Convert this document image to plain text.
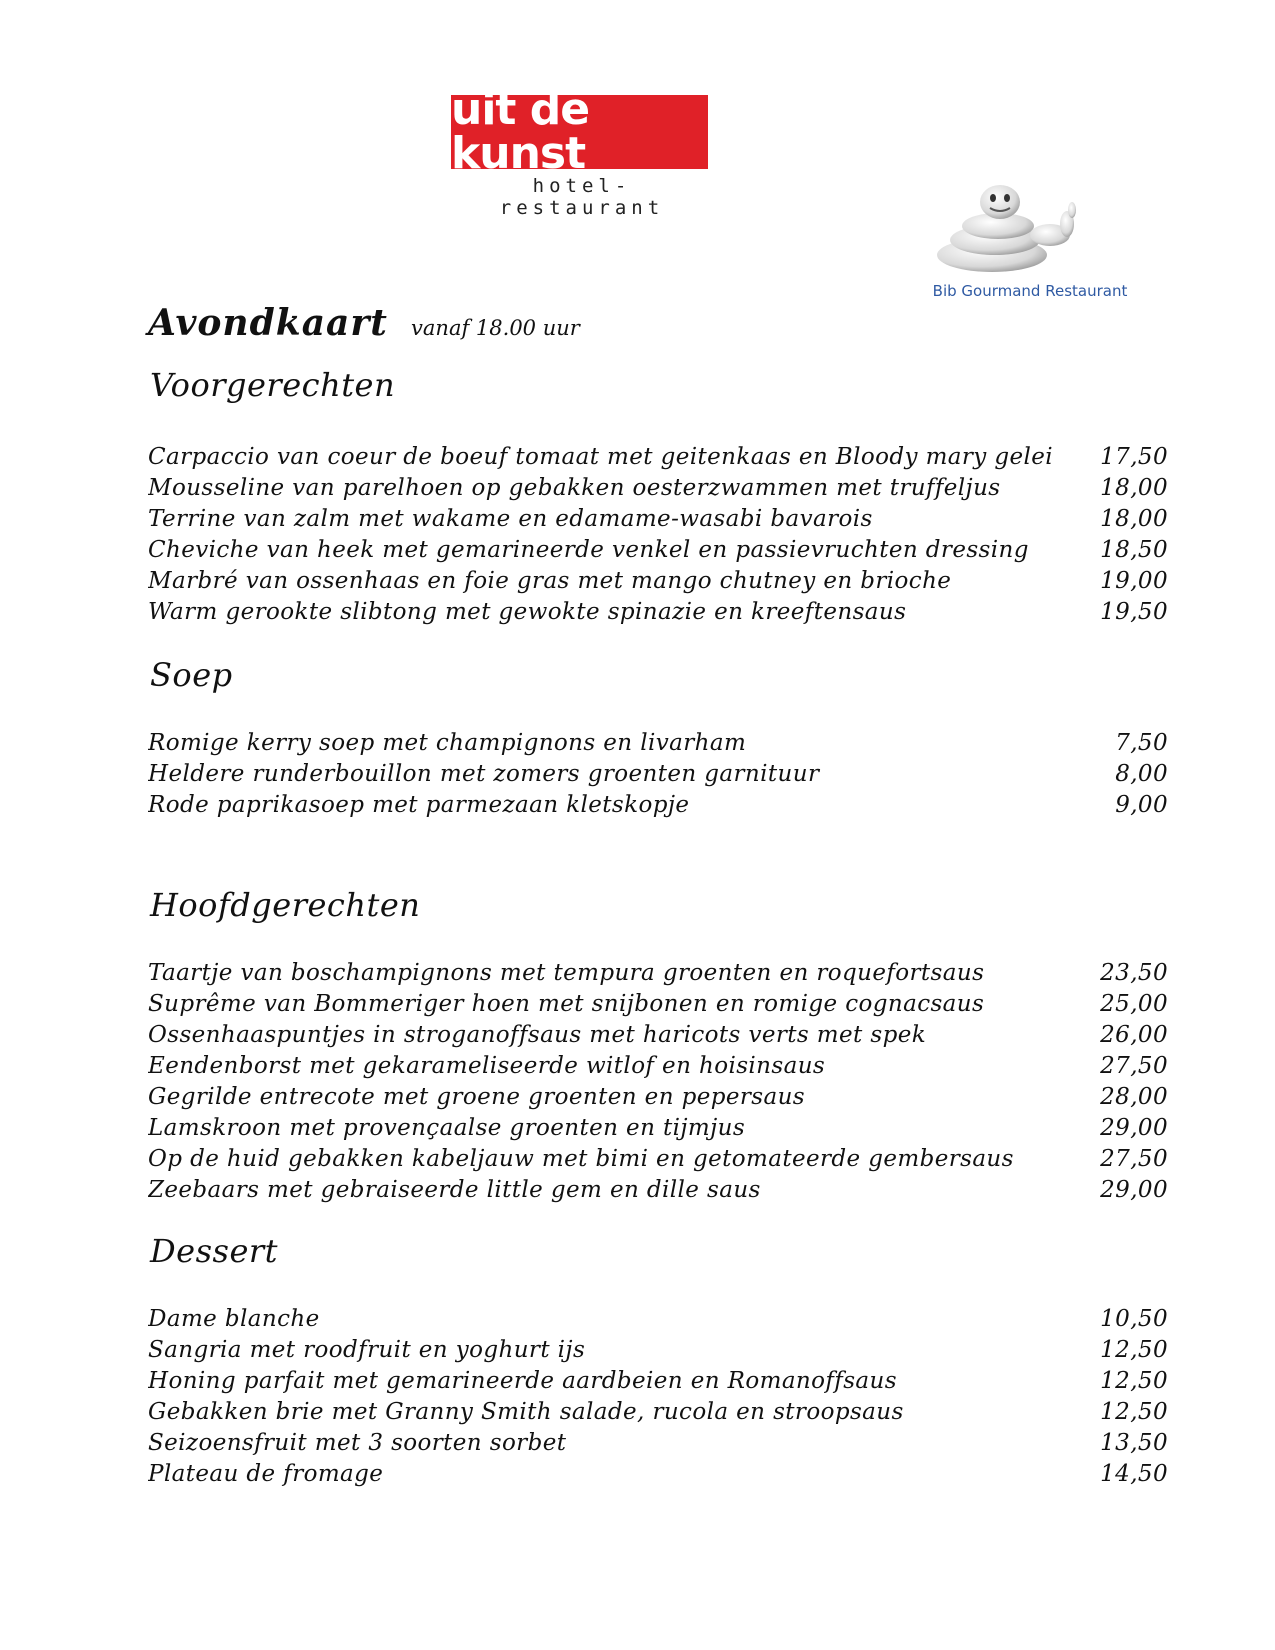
uit de kunst
hotel-restaurant
Bib Gourmand Restaurant
Avondkaart vanaf 18.00 uur
Voorgerechten
Carpaccio van coeur de boeuf tomaat met geitenkaas en Bloody mary gelei	17,50
Mousseline van parelhoen op gebakken oesterzwammen met truffeljus	18,00
Terrine van zalm met wakame en edamame-wasabi bavarois	18,00
Cheviche van heek met gemarineerde venkel en passievruchten dressing	18,50
Marbré van ossenhaas en foie gras met mango chutney en brioche	19,00
Warm gerookte slibtong met gewokte spinazie en kreeftensaus	19,50
Soep
Romige kerry soep met champignons en livarham	7,50
Heldere runderbouillon met zomers groenten garnituur	8,00
Rode paprikasoep met parmezaan kletskopje	9,00
Hoofdgerechten
Taartje van boschampignons met tempura groenten en roquefortsaus	23,50
Suprême van Bommeriger hoen met snijbonen en romige cognacsaus	25,00
Ossenhaaspuntjes in stroganoffsaus met haricots verts met spek	26,00
Eendenborst met gekarameliseerde witlof en hoisinsaus	27,50
Gegrilde entrecote met groene groenten en pepersaus	28,00
Lamskroon met provençaalse groenten en tijmjus	29,00
Op de huid gebakken kabeljauw met bimi en getomateerde gembersaus	27,50
Zeebaars met gebraiseerde little gem en dille saus	29,00
Dessert
Dame blanche	10,50
Sangria met roodfruit en yoghurt ijs	12,50
Honing parfait met gemarineerde aardbeien en Romanoffsaus	12,50
Gebakken brie met Granny Smith salade, rucola en stroopsaus	12,50
Seizoensfruit met 3 soorten sorbet	13,50
Plateau de fromage	14,50
